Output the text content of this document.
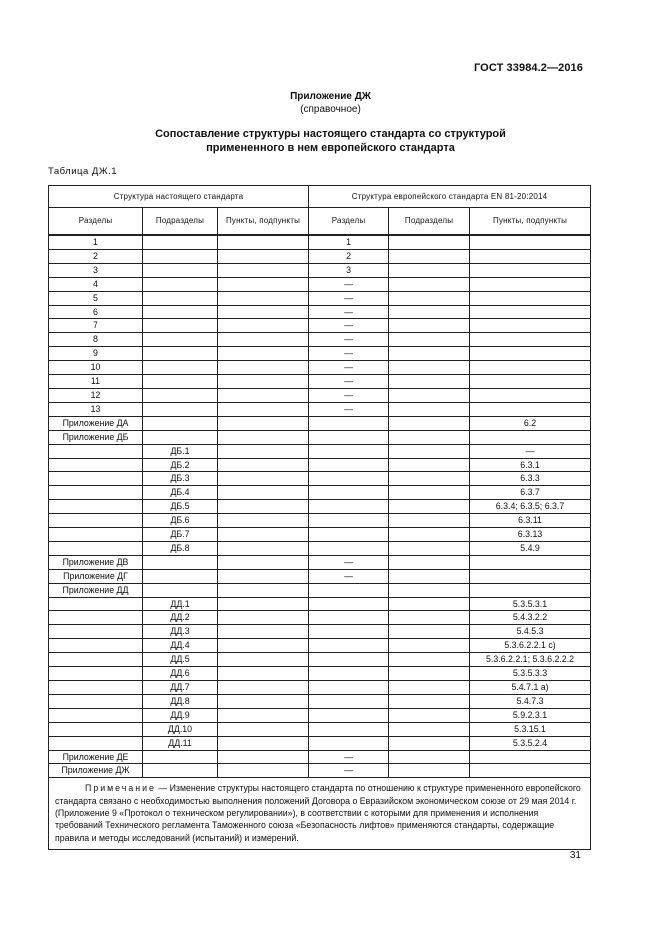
ГОСТ 33984.2—2016
Приложение ДЖ
(справочное)
Сопоставление структуры настоящего стандарта со структурой
примененного в нем европейского стандарта
Таблица ДЖ.1
Структура настоящего стандарта			Структура европейского стандарта EN 81-20:2014		
Разделы	Подразделы	Пункты, подпункты	Разделы	Подразделы	Пункты, подпункты
1			1		
2			2		
3			3		
4			—		
5			—		
6			—		
7			—		
8			—		
9			—		
10			—		
11			—		
12			—		
13			—		
Приложение ДА					6.2
Приложение ДБ					
	ДБ.1				—
	ДБ.2				6.3.1
	ДБ.3				6.3.3
	ДБ.4				6.3.7
	ДБ.5				6.3.4; 6.3.5; 6.3.7
	ДБ.6				6.3.11
	ДБ.7				6.3.13
	ДБ.8				5.4.9
Приложение ДВ			—		
Приложение ДГ			—		
Приложение ДД					
	ДД.1				5.3.5.3.1
	ДД.2				5.4.3.2.2
	ДД.3				5.4.5.3
	ДД.4				5.3.6.2.2.1 c)
	ДД.5				5.3.6.2.2.1; 5.3.6.2.2.2
	ДД.6				5.3.5.3.3
	ДД.7				5.4.7.1 a)
	ДД.8				5.4.7.3
	ДД.9				5.9.2.3.1
	ДД.10				5.3.15.1
	ДД.11				5.3.5.2.4
Приложение ДЕ			—		
Приложение ДЖ			—		
Примечание — Изменение структуры настоящего стандарта по отношению к структуре примененного европейского стандарта связано с необходимостью выполнения положений Договора о Евразийском экономическом союзе от 29 мая 2014 г. (Приложение 9 «Протокол о техническом регулировании»), в соответствии с которыми для применения и исполнения требований Технического регламента Таможенного союза «Безопасность лифтов» применяются стандарты, содержащие правила и методы исследований (испытаний) и измерений.					
31
